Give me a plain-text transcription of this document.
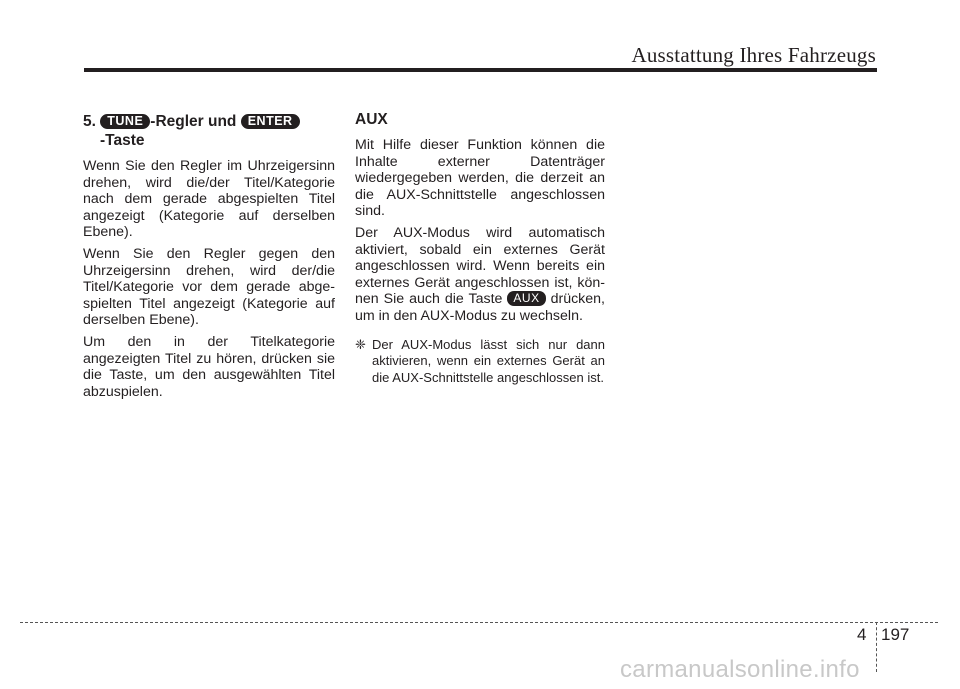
Ausstattung Ihres Fahrzeugs
5. TUNE -Regler und ENTER
-Taste

Wenn Sie den Regler im Uhrzeigersinn drehen, wird die/der Titel/Kategorie nach dem gerade abgespielten Titel angezeigt (Kategorie auf derselben Ebene).

Wenn Sie den Regler gegen den Uhrzeigersinn drehen, wird der/die Titel/Kategorie vor dem gerade abge-spielten Titel angezeigt (Kategorie auf derselben Ebene).

Um den in der Titelkategorie angezeigten Titel zu hören, drücken sie die Taste, um den ausgewählten Titel abzuspielen.

AUX

Mit Hilfe dieser Funktion können die Inhalte externer Datenträger wiedergegeben werden, die derzeit an die AUX-Schnittstelle angeschlossen sind.

Der AUX-Modus wird automatisch aktiviert, sobald ein externes Gerät angeschlossen wird. Wenn bereits ein externes Gerät angeschlossen ist, kön-nen Sie auch die Taste AUX drücken, um in den AUX-Modus zu wechseln.

❈ Der AUX-Modus lässt sich nur dann aktivieren, wenn ein externes Gerät an die AUX-Schnittstelle angeschlossen ist.
4 197
carmanualsonline.info
